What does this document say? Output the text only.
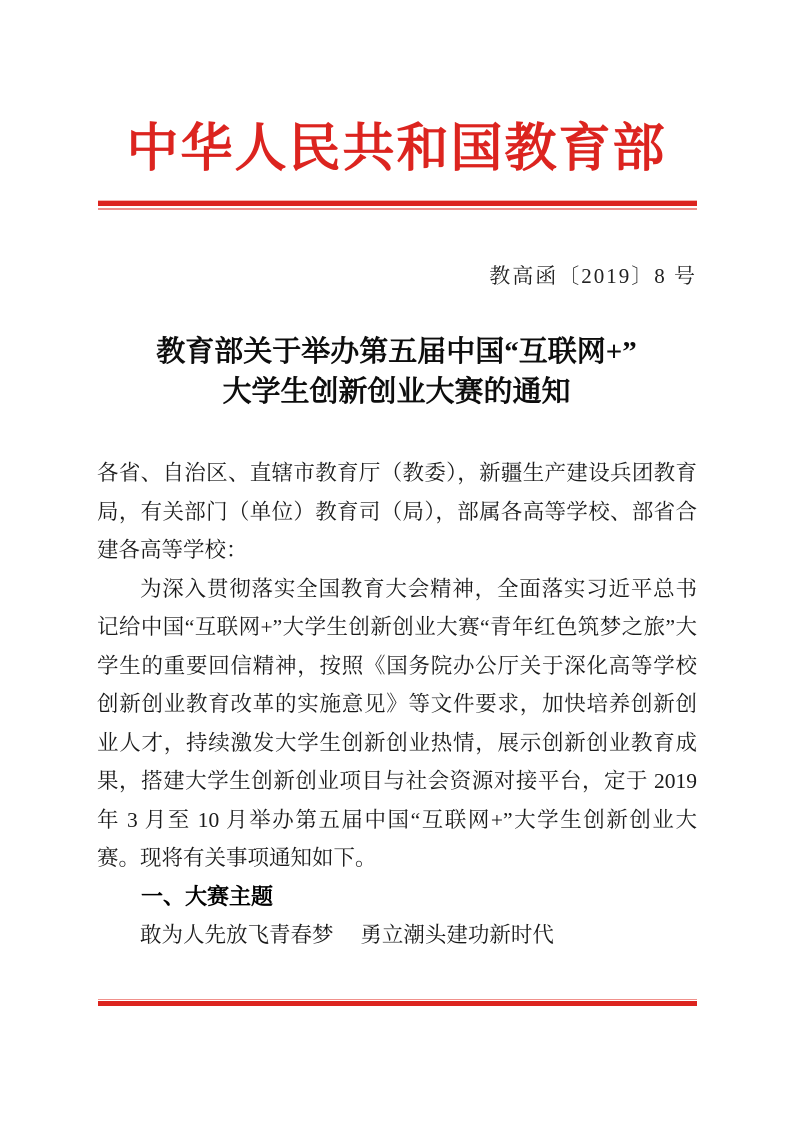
中华人民共和国教育部
教高函〔2019〕8 号
教育部关于举办第五届中国“互联网+”
大学生创新创业大赛的通知

各省、自治区、直辖市教育厅（教委），新疆生产建设兵团教育局，有关部门（单位）教育司（局），部属各高等学校、部省合建各高等学校：

为深入贯彻落实全国教育大会精神，全面落实习近平总书记给中国“互联网+”大学生创新创业大赛“青年红色筑梦之旅”大学生的重要回信精神，按照《国务院办公厅关于深化高等学校创新创业教育改革的实施意见》等文件要求，加快培养创新创业人才，持续激发大学生创新创业热情，展示创新创业教育成果，搭建大学生创新创业项目与社会资源对接平台，定于 2019 年 3 月至 10 月举办第五届中国“互联网+”大学生创新创业大赛。现将有关事项通知如下。

一、大赛主题

敢为人先放飞青春梦　 勇立潮头建功新时代
